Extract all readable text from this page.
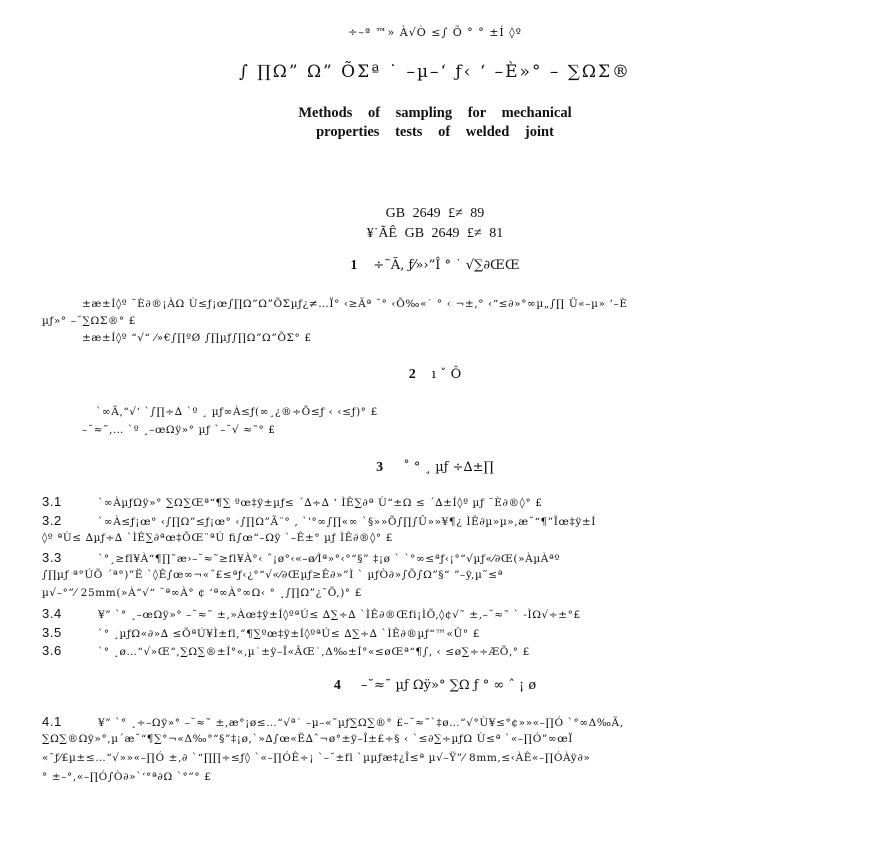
÷–ª ™» À√Ò ≤∫ Õ ° ° ±Í ◊º
∫ ∏Ω” Ω” ÕΣª ˙ –µ–‘ ƒ‹ ‘ –È»° – ∑ΩΣ®
Methods of sampling for mechanical
properties tests of welded joint
GB 2649 £≠ 89
¥˙ÃÊ GB 2649 £≠ 81
1 ÷˜Ã‚ ƒ⁄»›”Î ° ˙ √∑∂ŒŒ
±æ±Í◊º ˘È∂®¡ÀΩ Ù≤ƒ¡œ∫∏Ω”Ω”ÕΣµƒ¿≠…Ï° ‹≥Ãª ˘° ‹Õ‰«˙ ° ‹ ¬±‚° ‹“≤∂»°∞µ„∫∏ Ü«–µ» ‘–È
µƒ»° –˘∑ΩΣ®° £
±æ±Í◊º “√“ ⁄»€∫∏ºØ ∫∏µƒ∫∏Ω”Ω”ÕΣ° £
2 ı ˇ Ô
`∞Ã‚“√‘ `∫∏÷∆ `º ¸ µƒ∞À≤ƒ(∞¸¿®÷Õ≤ƒ ‹ ‹≤ƒ)° £
–˘≈˜‚… `º ¸–œΩÿ»° µƒ `–˘√ ≈˜° £
3 ˚ ° ¸ µƒ ÷∆±∏
3.1	`∞ÀµƒΩÿ»° ∑Ω∑Œª“¶∑ ºœ‡ÿ±µƒ≤ ´∆÷∆ ‘ ÌÊ∑∂ª Ù“±Ω ≤ ´∆±Í◊º µƒ ˘È∂®◊° £
3.2	`∞À≤ƒ¡œ° ‹∫∏Ω”≤ƒ¡œ° ‹∫∏Ω”Ã¨° ‚ `'°∞∫∏«∞ `§»»Õ∫∏∫Û»»¥¶¿ ÌÊ∂µ»µ»,æ˘“¶”Îœ‡ÿ±Í
◊º ªÙ≤ ∆µƒ÷∆ `ÌÊ∑∂ªœ‡ÕŒ¨ªÚ ﬁ∫œ“–Ωÿ `–Ê±° µƒ ÌÊ∂®◊° £
3.3	`°¸≥fl¥À“¶∏˜æ›–˘≈˜≥fl¥À°‹ ˆ¡ø°‹«–ø⁄Ìª»°‹°“§” ‡¡ø ` `°∞≤ªƒ‹¡°“√µƒ«⁄∂Œ(»ÀµÀªº
∫∏µƒ ª°ÚÕ ´ª°)”Ë `◊Ê∫œ∞¬«˝£≤ªƒ‹¿°“√«⁄∂Œµƒ≥Ê∂»”Ì ` µƒÒ∂»∫Õ∫Ω”§“ ”–ÿ,µ˜≤ª
µ√–°”⁄ 25mm(»À“√“ ˘ª∞À° ¢ ‘ª∞À°∞Ω‹ ° ¸∫∏Ω”¿¯Õ,)° £
3.4	¥” `° ¸–œΩÿ»° –˘≈˜ ±,»Àœ‡ÿ±Í◊ºªÚ≤ ∆∑÷∆ `ÌÊ∂®Œfi¡ÌÕ,◊¢√˜ ±,–˘≈˜ ` -ÌΩ√÷±°£
3.5	`° ¸µƒΩ«∂»∆ ≤ÕªÚ¥Ì±fl,”¶∑ºœ‡ÿ±Í◊ºªÚ≤ ∆∑÷∆ `ÌÊ∂®µƒ“™«Û° £
3.6	`° ¸ø…“√»Œ“,∑Ω∑®±Í°«,µ˙±ÿ–Î«ÂŒ˙,Δ‰±Í°«≤øŒª“¶∫‚ ‹ ≤ø∑÷÷ÆÕ‚° £
4 –˘≈˜ µƒ Ωÿ»° ∑Ω ƒ ° ∞ ˆ ¡ ø
4.1	¥” `° ¸÷–Ωÿ»° –˘≈˜ ±,æ°¡ø≤…“√ª˙ –µ–«˜µƒ∑Ω∑®° £–˘≈˜`‡ø…“√°Ù¥≤°¢»»«–∏Ó `°∞Δ‰Ã‚
∑Ω∑®Ωÿ»°,µ´æ˘“¶∑°¬«Δ‰°“§”‡¡ø,`»∆∫œ«Ë∆ˆ¬ø°±ÿ–Î±£÷§ ‹ `≤∂∑÷µƒΩ Ù≤ª `«–∏Ó”∞œÏ
«¯ƒ⁄£µ±≤…“√»»«–∏Ó ±,∂ `“∏∏÷≤ƒ◊ `«–∏ÓÊ÷¡ `–˘±fl `µµƒæ‡¿Î≤ª µ√–Ÿ”⁄ 8mm,≤‹ÀÊ«–∏ÓÀÿ∂»
° ±–°,«–∏Ó∫Ò∂»`‘°ª∂Ω `°”° £
